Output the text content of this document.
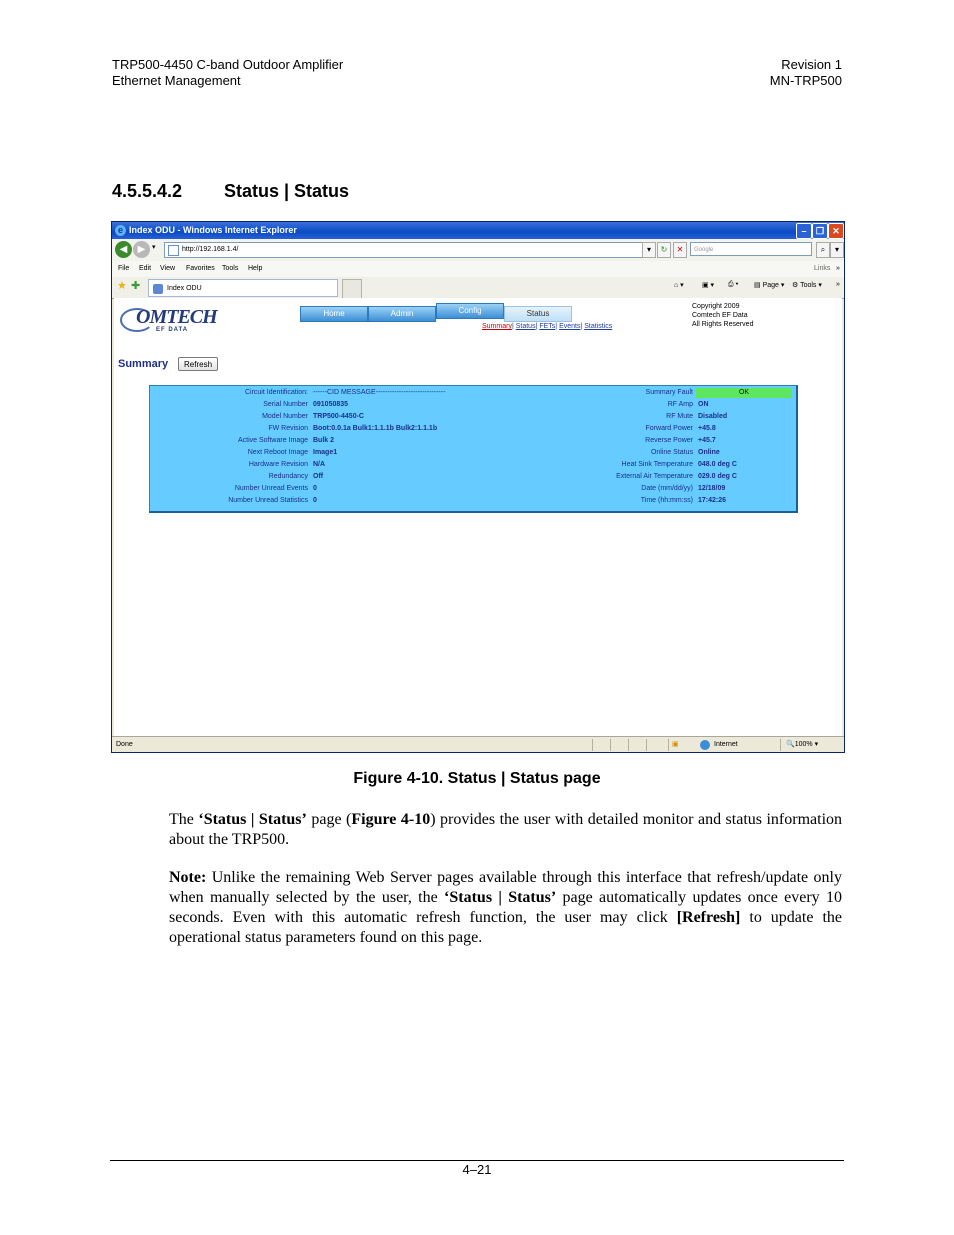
TRP500-4450 C-band Outdoor Amplifier
Ethernet Management
Revision 1
MN-TRP500
4.5.5.4.2 Status | Status
e Index ODU - Windows Internet Explorer	–	❐ ✕
◀	▶ ▾	http://192.168.1.4/	▾	↻	✕	Google	⌕	▾
File Edit View Favorites Tools Help	Links »
★ ✚	Index ODU	⌂ ▾	▣ ▾ ⎙ ▾ ▤ Page ▾ ⚙ Tools ▾ »
OMTECH
EF DATA
Home	Admin	Config	Status
Summary| Status| FETs| Events| Statistics
Copyright 2009
Comtech EF Data
All Rights Reserved
Summary	Refresh
Circuit Identification: ------CID MESSAGE------------------------------
Serial Number 091050835
Model Number TRP500-4450-C
FW Revision Boot:0.0.1a Bulk1:1.1.1b Bulk2:1.1.1b
Active Software Image Bulk 2
Next Reboot Image Image1
Hardware Revision N/A
Redundancy Off
Number Unread Events 0
Number Unread Statistics 0
Summary Fault	OK
RF Amp ON
RF Mute Disabled
Forward Power +45.8
Reverse Power +45.7
Online Status Online
Heat Sink Temperature 048.0 deg C
External Air Temperature 029.0 deg C
Date (mm/dd/yy) 12/18/09
Time (hh:mm:ss) 17:42:26
Done	▣	Internet	🔍100% ▾
Figure 4-10. Status | Status page
The ‘Status | Status’ page (Figure 4-10) provides the user with detailed monitor and status information about the TRP500.
Note: Unlike the remaining Web Server pages available through this interface that refresh/update only when manually selected by the user, the ‘Status | Status’ page automatically updates once every 10 seconds. Even with this automatic refresh function, the user may click [Refresh] to update the operational status parameters found on this page.
4–21
